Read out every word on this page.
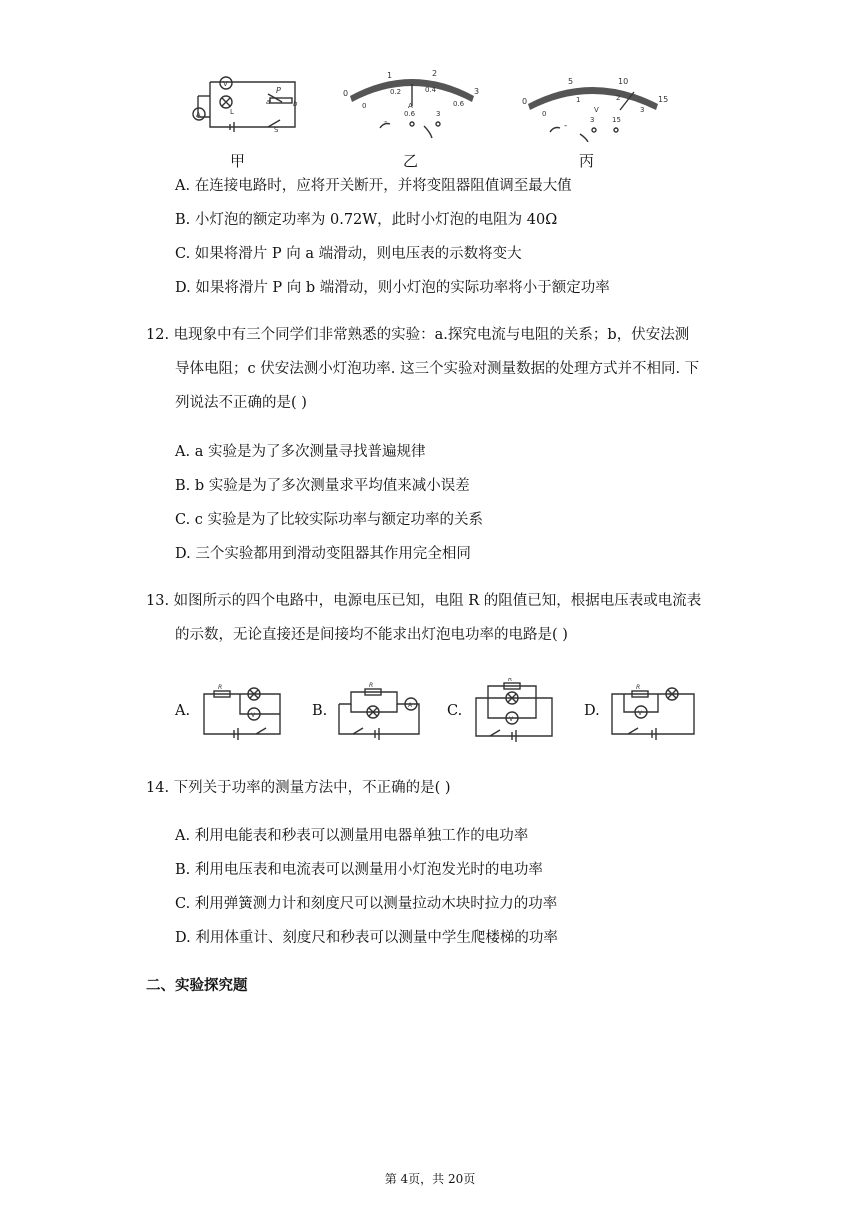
V
A
P
a	b
L
S
0
1	2
3
0
0.2	0.4
0.6
A
-
0.6	3
0
5	10
15
0
1	2
3
V
-
3	15
甲	乙	丙
A. 在连接电路时，应将开关断开，并将变阻器阻值调至最大值
B. 小灯泡的额定功率为 0.72W，此时小灯泡的电阻为 40Ω
C. 如果将滑片 P 向 a 端滑动，则电压表的示数将变大
D. 如果将滑片 P 向 b 端滑动，则小灯泡的实际功率将小于额定功率
12. 电现象中有三个同学们非常熟悉的实验：a.探究电流与电阻的关系；b，伏安法测
导体电阻；c 伏安法测小灯泡功率. 这三个实验对测量数据的处理方式并不相同. 下
列说法不正确的是( )
A. a 实验是为了多次测量寻找普遍规律
B. b 实验是为了多次测量求平均值来减小误差
C. c 实验是为了比较实际功率与额定功率的关系
D. 三个实验都用到滑动变阻器其作用完全相同
13. 如图所示的四个电路中，电源电压已知，电阻 R 的阻值已知，根据电压表或电流表
的示数，无论直接还是间接均不能求出灯泡电功率的电路是( )
A.	B.	C.	D.
R
V
R
A
R
V
R
V
14. 下列关于功率的测量方法中，不正确的是( )
A. 利用电能表和秒表可以测量用电器单独工作的电功率
B. 利用电压表和电流表可以测量用小灯泡发光时的电功率
C. 利用弹簧测力计和刻度尺可以测量拉动木块时拉力的功率
D. 利用体重计、刻度尺和秒表可以测量中学生爬楼梯的功率
二、实验探究题
第 4页，共 20页
